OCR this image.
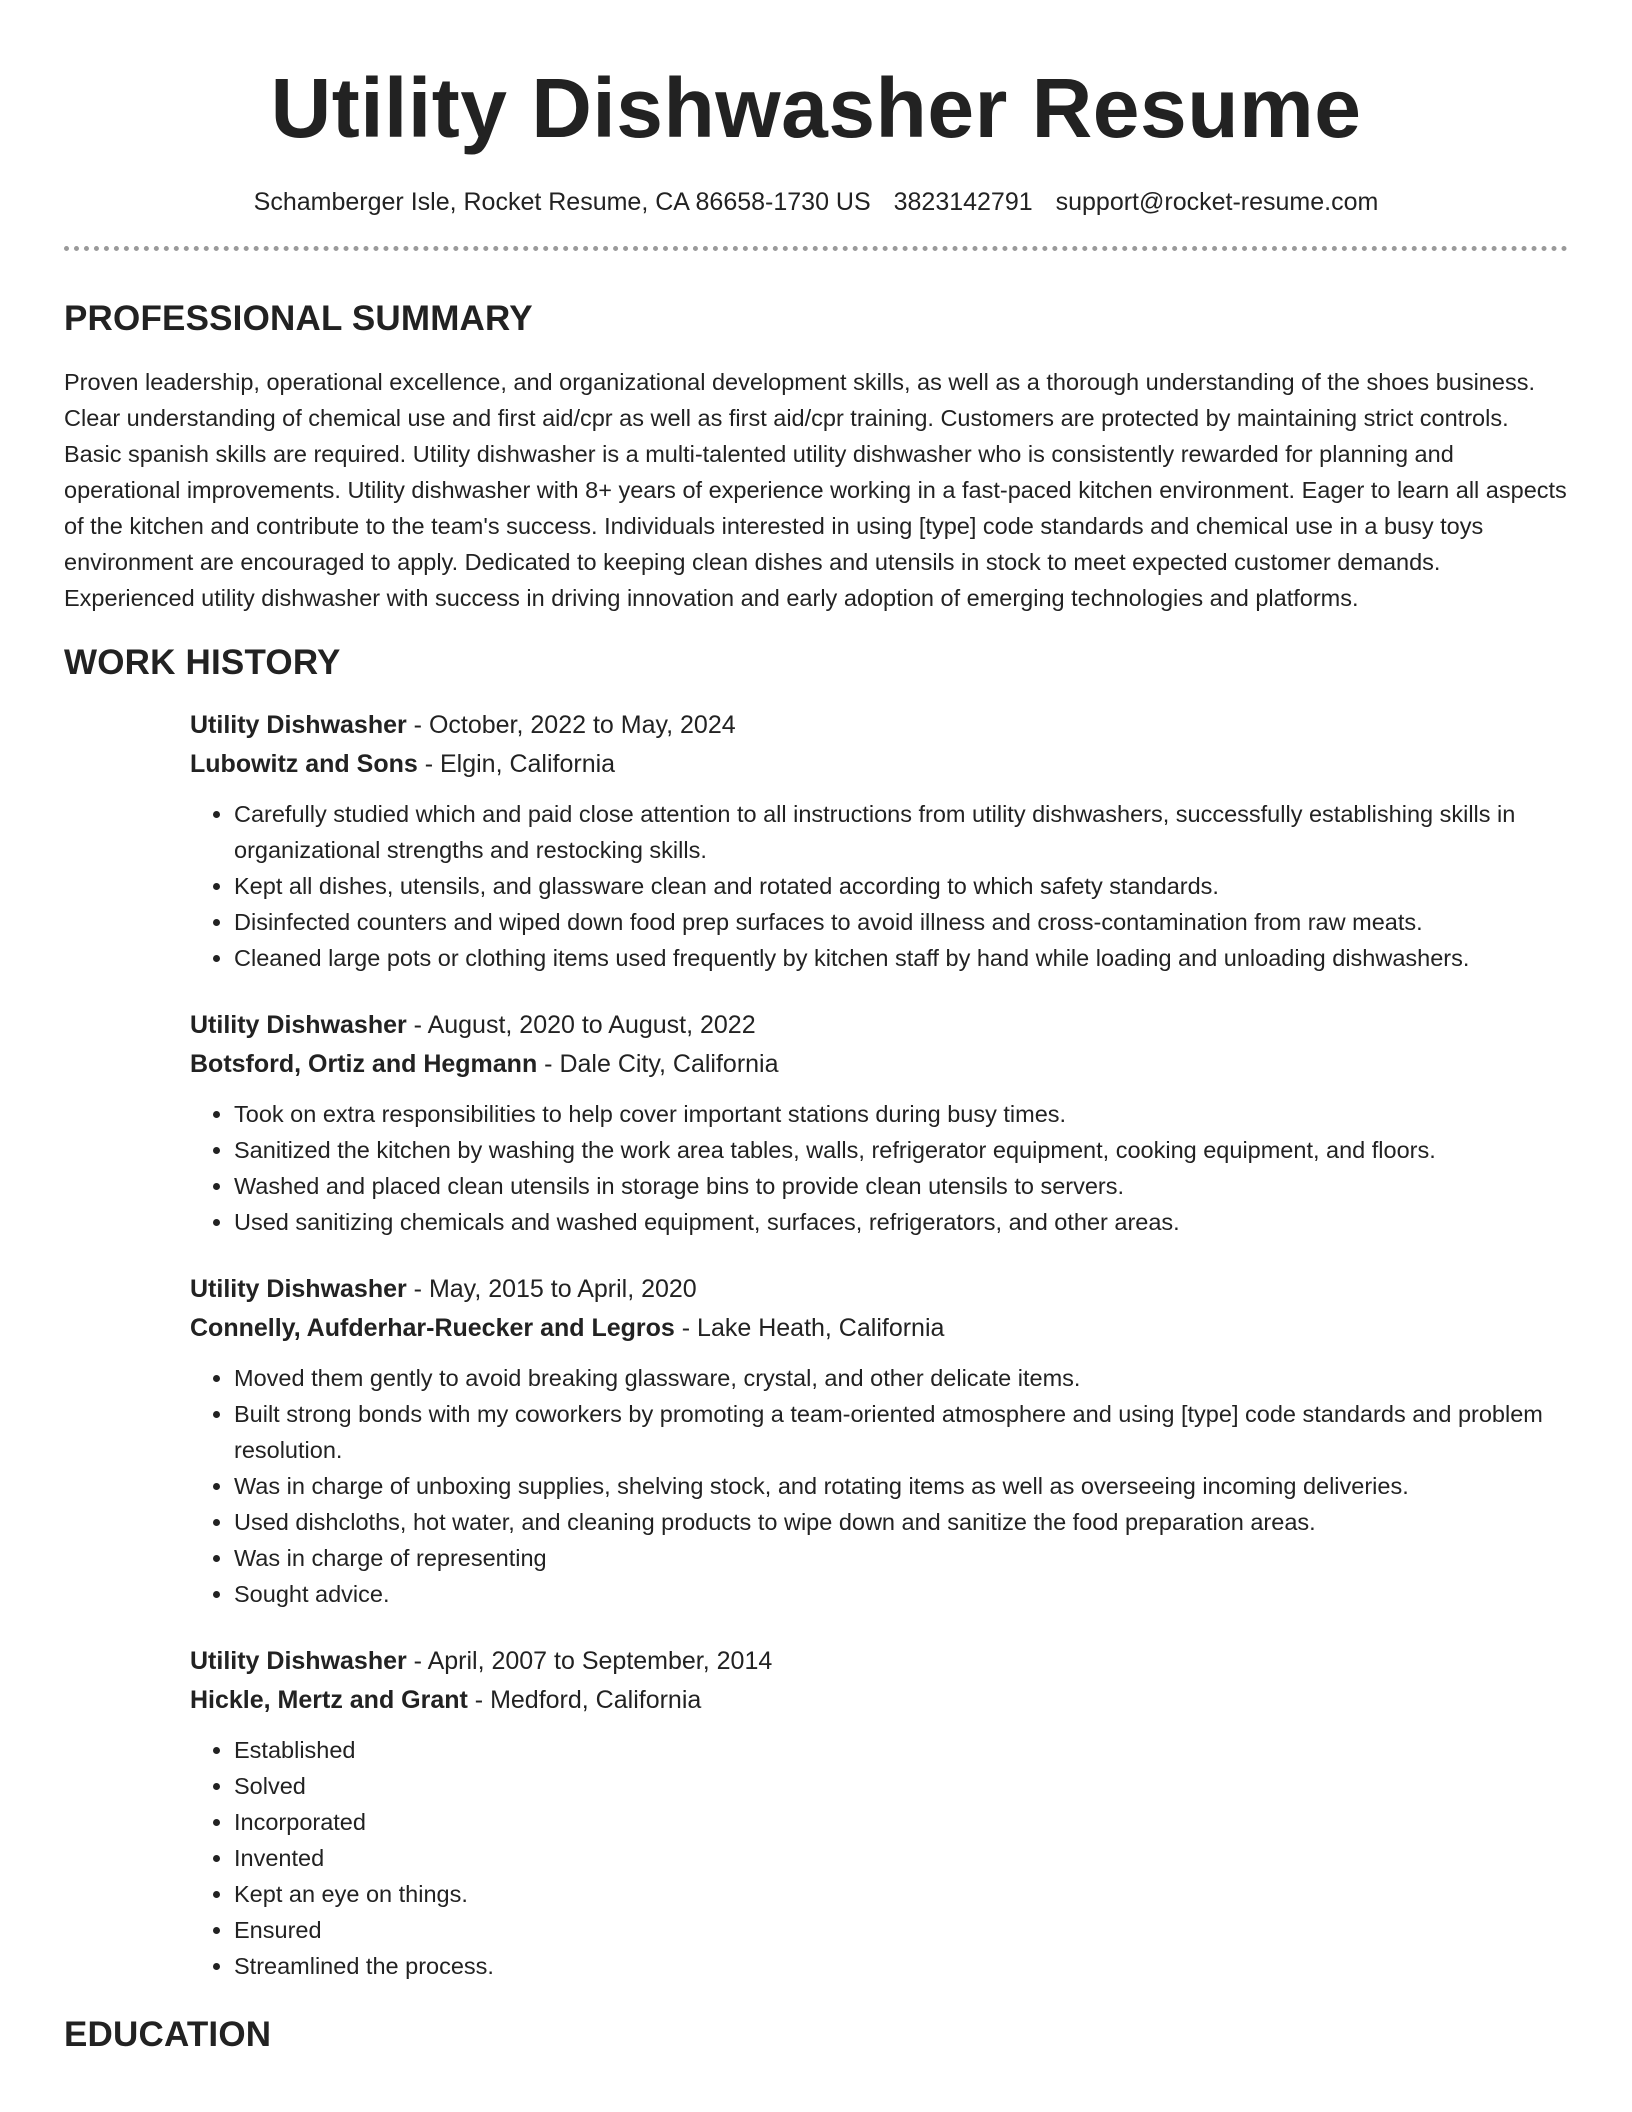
Utility Dishwasher Resume
Schamberger Isle, Rocket Resume, CA 86658-1730 US 3823142791 support@rocket-resume.com
PROFESSIONAL SUMMARY

Proven leadership, operational excellence, and organizational development skills, as well as a thorough understanding of the shoes business. Clear understanding of chemical use and first aid/cpr as well as first aid/cpr training. Customers are protected by maintaining strict controls. Basic spanish skills are required. Utility dishwasher is a multi-talented utility dishwasher who is consistently rewarded for planning and operational improvements. Utility dishwasher with 8+ years of experience working in a fast-paced kitchen environment. Eager to learn all aspects of the kitchen and contribute to the team's success. Individuals interested in using [type] code standards and chemical use in a busy toys environment are encouraged to apply. Dedicated to keeping clean dishes and utensils in stock to meet expected customer demands. Experienced utility dishwasher with success in driving innovation and early adoption of emerging technologies and platforms.

WORK HISTORY
Utility Dishwasher - October, 2022 to May, 2024
Lubowitz and Sons - Elgin, California
• Carefully studied which and paid close attention to all instructions from utility dishwashers, successfully establishing skills in organizational strengths and restocking skills.
• Kept all dishes, utensils, and glassware clean and rotated according to which safety standards.
• Disinfected counters and wiped down food prep surfaces to avoid illness and cross-contamination from raw meats.
• Cleaned large pots or clothing items used frequently by kitchen staff by hand while loading and unloading dishwashers.
Utility Dishwasher - August, 2020 to August, 2022
Botsford, Ortiz and Hegmann - Dale City, California
• Took on extra responsibilities to help cover important stations during busy times.
• Sanitized the kitchen by washing the work area tables, walls, refrigerator equipment, cooking equipment, and floors.
• Washed and placed clean utensils in storage bins to provide clean utensils to servers.
• Used sanitizing chemicals and washed equipment, surfaces, refrigerators, and other areas.
Utility Dishwasher - May, 2015 to April, 2020
Connelly, Aufderhar-Ruecker and Legros - Lake Heath, California
• Moved them gently to avoid breaking glassware, crystal, and other delicate items.
• Built strong bonds with my coworkers by promoting a team-oriented atmosphere and using [type] code standards and problem resolution.
• Was in charge of unboxing supplies, shelving stock, and rotating items as well as overseeing incoming deliveries.
• Used dishcloths, hot water, and cleaning products to wipe down and sanitize the food preparation areas.
• Was in charge of representing
• Sought advice.
Utility Dishwasher - April, 2007 to September, 2014
Hickle, Mertz and Grant - Medford, California
• Established
• Solved
• Incorporated
• Invented
• Kept an eye on things.
• Ensured
• Streamlined the process.
EDUCATION
